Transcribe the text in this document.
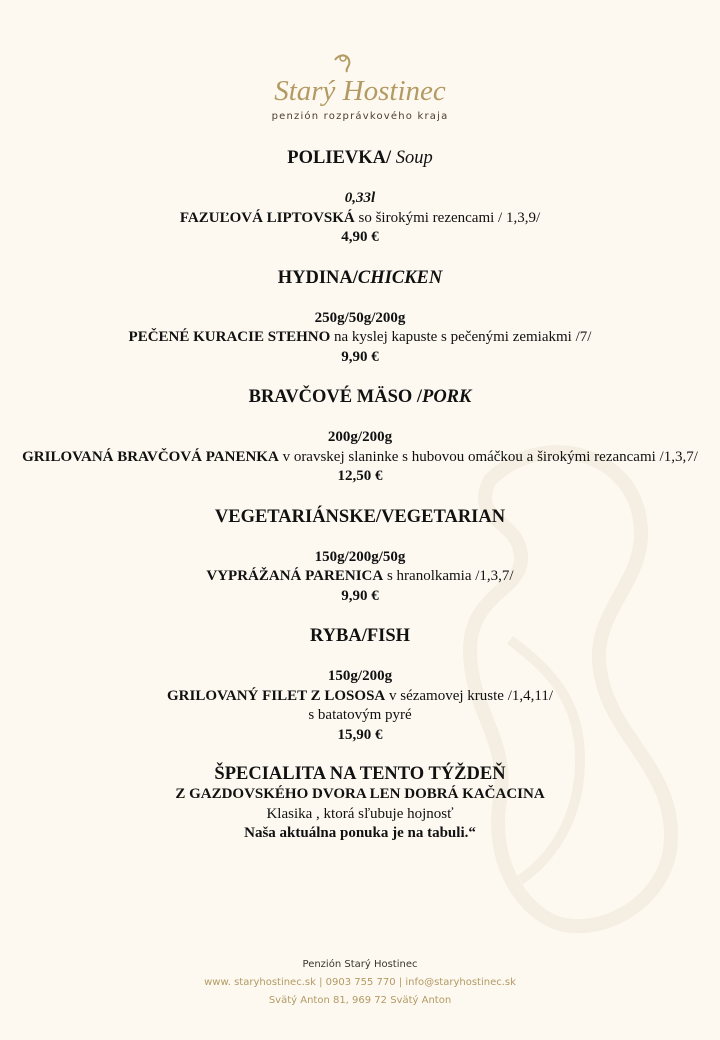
Starý Hostinec
penzión rozprávkového kraja
POLIEVKA/ Soup
0,33l
FAZUĽOVÁ LIPTOVSKÁ so širokými rezencami / 1,3,9/
4,90 €
HYDINA/CHICKEN
250g/50g/200g
PEČENÉ KURACIE STEHNO na kyslej kapuste s pečenými zemiakmi /7/
9,90 €
BRAVČOVÉ MÄSO /PORK
200g/200g
GRILOVANÁ BRAVČOVÁ PANENKA v oravskej slaninke s hubovou omáčkou a širokými rezancami /1,3,7/
12,50 €
VEGETARIÁNSKE/VEGETARIAN
150g/200g/50g
VYPRÁŽANÁ PARENICA s hranolkamia /1,3,7/
9,90 €
RYBA/FISH
150g/200g
GRILOVANÝ FILET Z LOSOSA v sézamovej kruste /1,4,11/
s batatovým pyré
15,90 €
ŠPECIALITA NA TENTO TÝŽDEŇ
Z GAZDOVSKÉHO DVORA LEN DOBRÁ KAČACINA
Klasika , ktorá sľubuje hojnosť
Naša aktuálna ponuka je na tabuli.“
Penzión Starý Hostinec
www. staryhostinec.sk | 0903 755 770 | info@staryhostinec.sk
Svätý Anton 81, 969 72 Svätý Anton
